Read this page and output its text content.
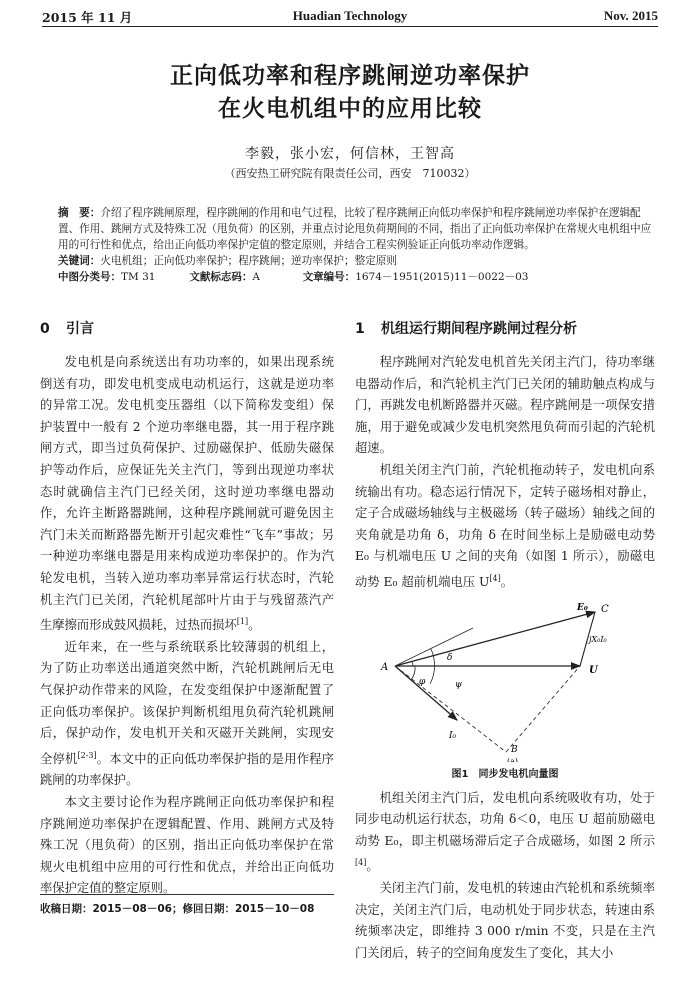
2015 年 11 月	Huadian Technology	Nov. 2015
正向低功率和程序跳闸逆功率保护
在火电机组中的应用比较
李毅，张小宏，何信林，王智高
（西安热工研究院有限责任公司，西安　710032）

摘　要：介绍了程序跳闸原理，程序跳闸的作用和电气过程，比较了程序跳闸正向低功率保护和程序跳闸逆功率保护在逻辑配置、作用、跳闸方式及特殊工况（甩负荷）的区别，并重点讨论甩负荷期间的不同，指出了正向低功率保护在常规火电机组中应用的可行性和优点，给出正向低功率保护定值的整定原则，并结合工程实例验证正向低功率动作逻辑。

关键词：火电机组；正向低功率保护；程序跳闸；逆功率保护；整定原则

中图分类号：TM 31	文献标志码：A	文章编号：1674－1951(2015)11－0022－03

0 引言

发电机是向系统送出有功功率的，如果出现系统倒送有功，即发电机变成电动机运行，这就是逆功率的异常工况。发电机变压器组（以下简称发变组）保护装置中一般有 2 个逆功率继电器，其一用于程序跳闸方式，即当过负荷保护、过励磁保护、低励失磁保护等动作后，应保证先关主汽门，等到出现逆功率状态时就确信主汽门已经关闭，这时逆功率继电器动作，允许主断路器跳闸，这种程序跳闸就可避免因主汽门未关而断路器先断开引起灾难性“飞车”事故；另一种逆功率继电器是用来构成逆功率保护的。作为汽轮发电机，当转入逆功率功率异常运行状态时，汽轮机主汽门已关闭，汽轮机尾部叶片由于与残留蒸汽产生摩擦而形成鼓风损耗，过热而损坏[1]。

近年来，在一些与系统联系比较薄弱的机组上，为了防止功率送出通道突然中断，汽轮机跳闸后无电气保护动作带来的风险，在发变组保护中逐渐配置了正向低功率保护。该保护判断机组甩负荷汽轮机跳闸后，保护动作，发电机开关和灭磁开关跳闸，实现安全停机[2-3]。本文中的正向低功率保护指的是用作程序跳闸的功率保护。

本文主要讨论作为程序跳闸正向低功率保护和程序跳闸逆功率保护在逻辑配置、作用、跳闸方式及特殊工况（甩负荷）的区别，指出正向低功率保护在常规火电机组中应用的可行性和优点，并给出正向低功率保护定值的整定原则。

收稿日期：2015－08－06；修回日期：2015－10－08

1 机组运行期间程序跳闸过程分析

程序跳闸对汽轮发电机首先关闭主汽门，待功率继电器动作后，和汽轮机主汽门已关闭的辅助触点构成与门，再跳发电机断路器并灭磁。程序跳闸是一项保安措施，用于避免或减少发电机突然甩负荷而引起的汽轮机超速。

机组关闭主汽门前，汽轮机拖动转子，发电机向系统输出有功。稳态运行情况下，定转子磁场相对静止，定子合成磁场轴线与主极磁场（转子磁场）轴线之间的夹角就是功角 δ，功角 δ 在时间坐标上是励磁电动势 E₀ 与机端电压 U 之间的夹角（如图 1 所示），励磁电动势 E₀ 超前机端电压 U[4]。

A
C
E₀
U
jX₀I₀
I₀
B
(a)
δ
φ	ψ
图1　同步发电机向量图

机组关闭主汽门后，发电机向系统吸收有功，处于同步电动机运行状态，功角 δ＜0，电压 U 超前励磁电动势 E₀，即主机磁场滞后定子合成磁场，如图 2 所示[4]。

关闭主汽门前，发电机的转速由汽轮机和系统频率决定，关闭主汽门后，电动机处于同步状态，转速由系统频率决定，即维持 3 000 r/min 不变，只是在主汽门关闭后，转子的空间角度发生了变化，其大小
